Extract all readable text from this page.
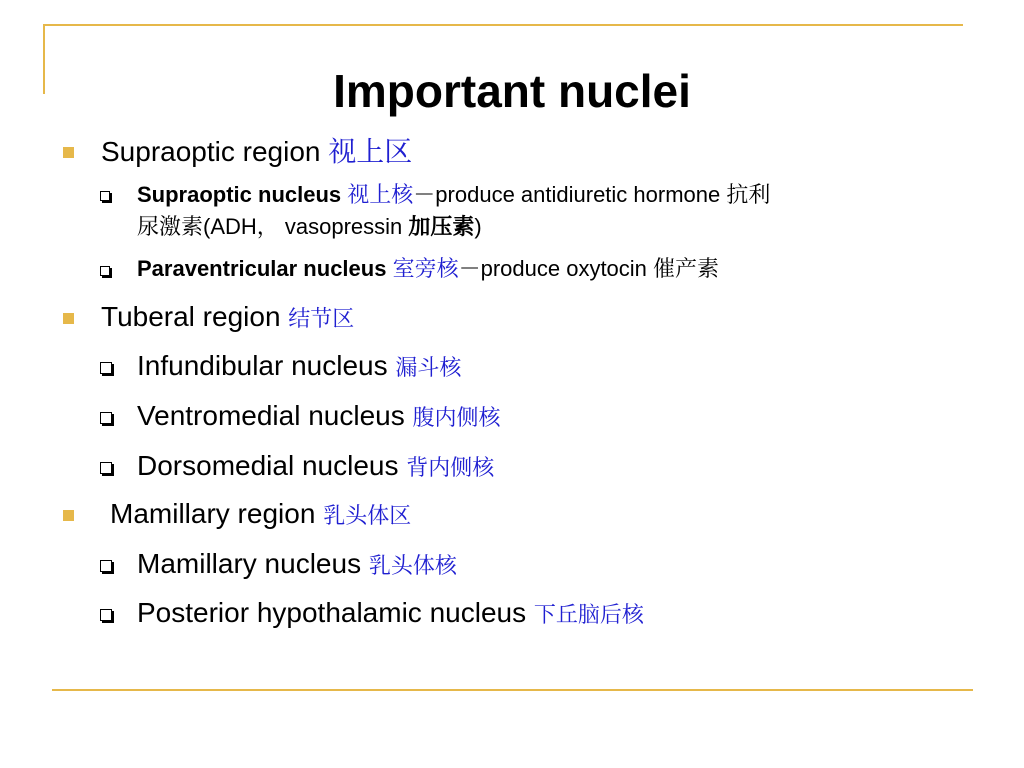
Important nuclei
Supraoptic region 视上区
Supraoptic nucleus 视上核－produce antidiuretic hormone 抗利
尿激素(ADH， vasopressin 加压素)
Paraventricular nucleus 室旁核－produce oxytocin 催产素
Tuberal region 结节区
Infundibular nucleus 漏斗核
Ventromedial nucleus 腹内侧核
Dorsomedial nucleus 背内侧核
Mamillary region 乳头体区
Mamillary nucleus 乳头体核
Posterior hypothalamic nucleus 下丘脑后核
